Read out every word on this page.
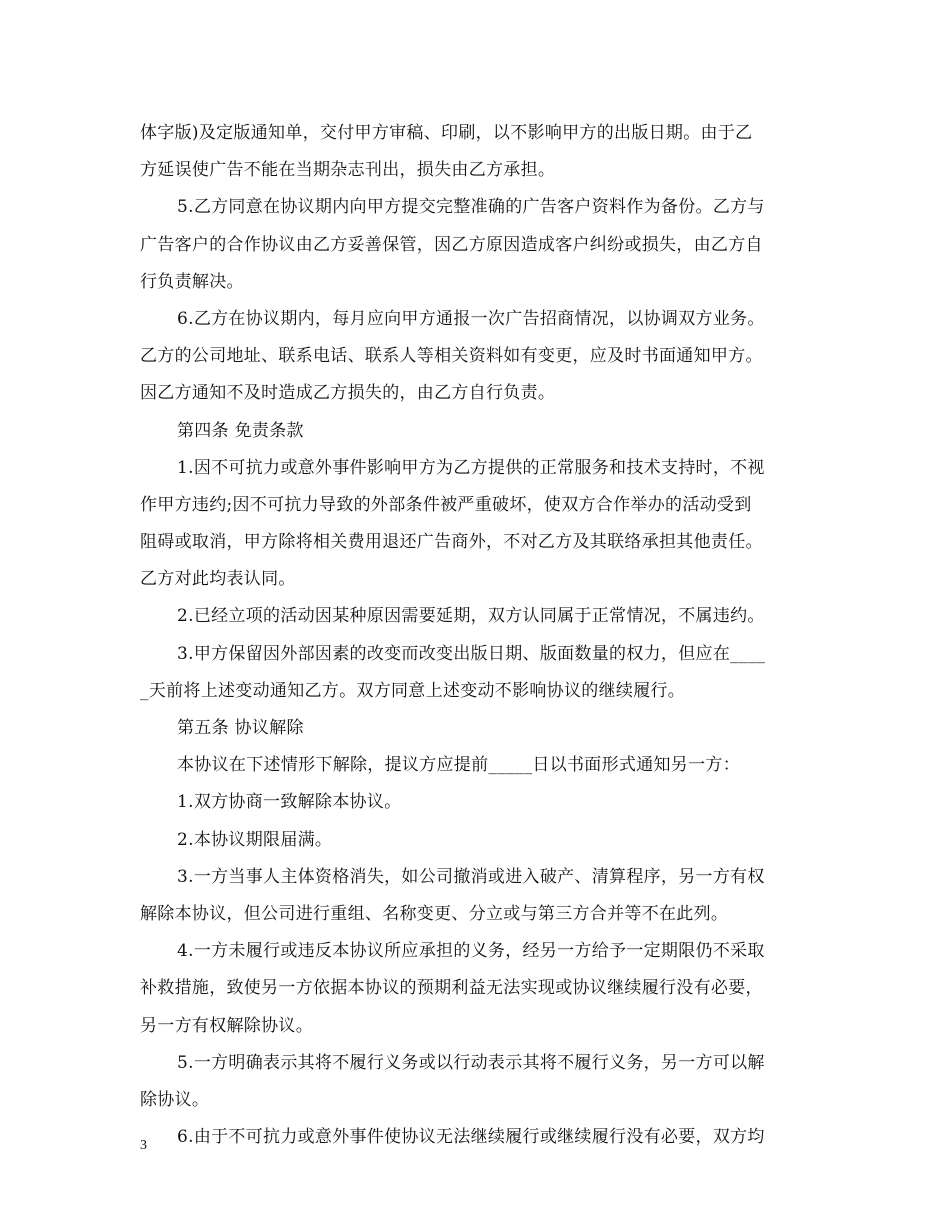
体字版)及定版通知单，交付甲方审稿、印刷，以不影响甲方的出版日期。由于乙
方延误使广告不能在当期杂志刊出，损失由乙方承担。
5.乙方同意在协议期内向甲方提交完整准确的广告客户资料作为备份。乙方与
广告客户的合作协议由乙方妥善保管，因乙方原因造成客户纠纷或损失，由乙方自
行负责解决。
6.乙方在协议期内，每月应向甲方通报一次广告招商情况，以协调双方业务。
乙方的公司地址、联系电话、联系人等相关资料如有变更，应及时书面通知甲方。
因乙方通知不及时造成乙方损失的，由乙方自行负责。
第四条 免责条款
1.因不可抗力或意外事件影响甲方为乙方提供的正常服务和技术支持时，不视
作甲方违约;因不可抗力导致的外部条件被严重破坏，使双方合作举办的活动受到
阻碍或取消，甲方除将相关费用退还广告商外，不对乙方及其联络承担其他责任。
乙方对此均表认同。
2.已经立项的活动因某种原因需要延期，双方认同属于正常情况，不属违约。
3.甲方保留因外部因素的改变而改变出版日期、版面数量的权力，但应在____
_天前将上述变动通知乙方。双方同意上述变动不影响协议的继续履行。
第五条 协议解除
本协议在下述情形下解除，提议方应提前_____日以书面形式通知另一方：
1.双方协商一致解除本协议。
2.本协议期限届满。
3.一方当事人主体资格消失，如公司撤消或进入破产、清算程序，另一方有权
解除本协议，但公司进行重组、名称变更、分立或与第三方合并等不在此列。
4.一方未履行或违反本协议所应承担的义务，经另一方给予一定期限仍不采取
补救措施，致使另一方依据本协议的预期利益无法实现或协议继续履行没有必要，
另一方有权解除协议。
5.一方明确表示其将不履行义务或以行动表示其将不履行义务，另一方可以解
除协议。
6.由于不可抗力或意外事件使协议无法继续履行或继续履行没有必要，双方均
3
